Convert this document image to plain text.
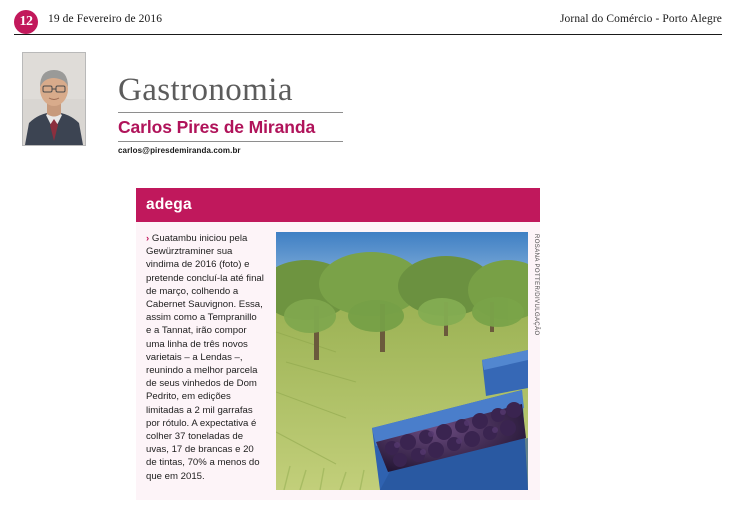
12	19 de Fevereiro de 2016	Jornal do Comércio - Porto Alegre
Gastronomia
Carlos Pires de Miranda
carlos@piresdemiranda.com.br
adega
› Guatambu iniciou pela Gewürztraminer sua vindima de 2016 (foto) e pretende concluí-la até final de março, colhendo a Cabernet Sauvignon. Essa, assim como a Tempranillo e a Tannat, irão compor uma linha de três novos varietais – a Lendas –, reunindo a melhor parcela de seus vinhedos de Dom Pedrito, em edições limitadas a 2 mil garrafas por rótulo. A expectativa é colher 37 toneladas de uvas, 17 de brancas e 20 de tintas, 70% a menos do que em 2015.
ROSANA POTTER/DIVULGAÇÃO
